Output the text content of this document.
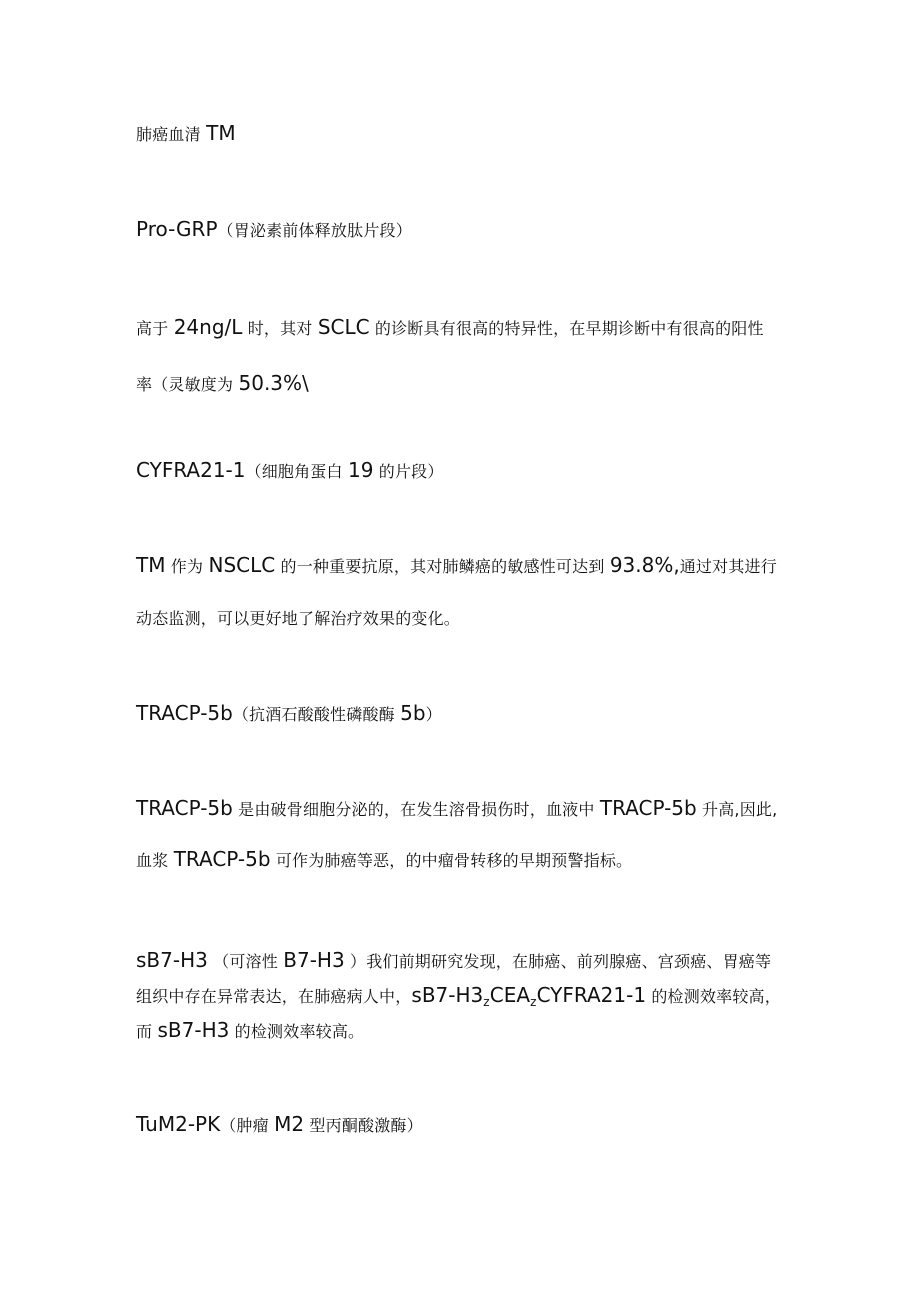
肺癌血清 TM
Pro-GRP（胃泌素前体释放肽片段）
高于 24ng/L 时，其对 SCLC 的诊断具有很高的特异性，在早期诊断中有很高的阳性
率（灵敏度为 50.3%\
CYFRA21-1（细胞角蛋白 19 的片段）
TM 作为 NSCLC 的一种重要抗原，其对肺鳞癌的敏感性可达到 93.8%,通过对其进行
动态监测，可以更好地了解治疗效果的变化。
TRACP-5b（抗酒石酸酸性磷酸酶 5b）
TRACP-5b 是由破骨细胞分泌的，在发生溶骨损伤时，血液中 TRACP-5b 升高,因此,
血浆 TRACP-5b 可作为肺癌等恶，的中瘤骨转移的早期预警指标。
sB7-H3 （可溶性 B7-H3 ）我们前期研究发现，在肺癌、前列腺癌、宫颈癌、胃癌等
组织中存在异常表达，在肺癌病人中，$sB7-H3_zCEA_zCYFRA21-1$ 的检测效率较高，
而 sB7-H3 的检测效率较高。
TuM2-PK（肿瘤 M2 型丙酮酸激酶）
